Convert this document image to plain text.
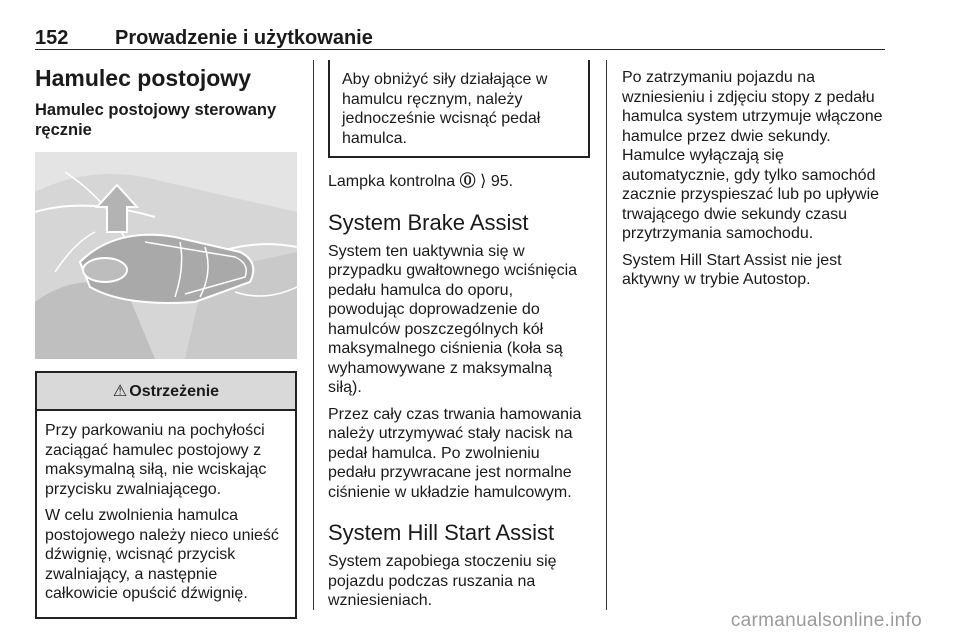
152 Prowadzenie i użytkowanie
Hamulec postojowy
Hamulec postojowy sterowany ręcznie
⚠ Ostrzeżenie

Przy parkowaniu na pochyłości zaciągać hamulec postojowy z maksymalną siłą, nie wciskając przycisku zwalniającego.

W celu zwolnienia hamulca postojowego należy nieco unieść dźwignię, wcisnąć przycisk zwalniający, a następnie całkowicie opuścić dźwignię.

Aby obniżyć siły działające w hamulcu ręcznym, należy jednocześnie wcisnąć pedał hamulca.

Lampka kontrolna ⓪ ⟩ 95.

System Brake Assist

System ten uaktywnia się w przypadku gwałtownego wciśnięcia pedału hamulca do oporu, powodując doprowadzenie do hamulców poszczególnych kół maksymalnego ciśnienia (koła są wyhamowywane z maksymalną siłą).

Przez cały czas trwania hamowania należy utrzymywać stały nacisk na pedał hamulca. Po zwolnieniu pedału przywracane jest normalne ciśnienie w układzie hamulcowym.

System Hill Start Assist

System zapobiega stoczeniu się pojazdu podczas ruszania na wzniesieniach.

Po zatrzymaniu pojazdu na wzniesieniu i zdjęciu stopy z pedału hamulca system utrzymuje włączone hamulce przez dwie sekundy. Hamulce wyłączają się automatycznie, gdy tylko samochód zacznie przyspieszać lub po upływie trwającego dwie sekundy czasu przytrzymania samochodu.

System Hill Start Assist nie jest aktywny w trybie Autostop.

carmanualsonline.info
